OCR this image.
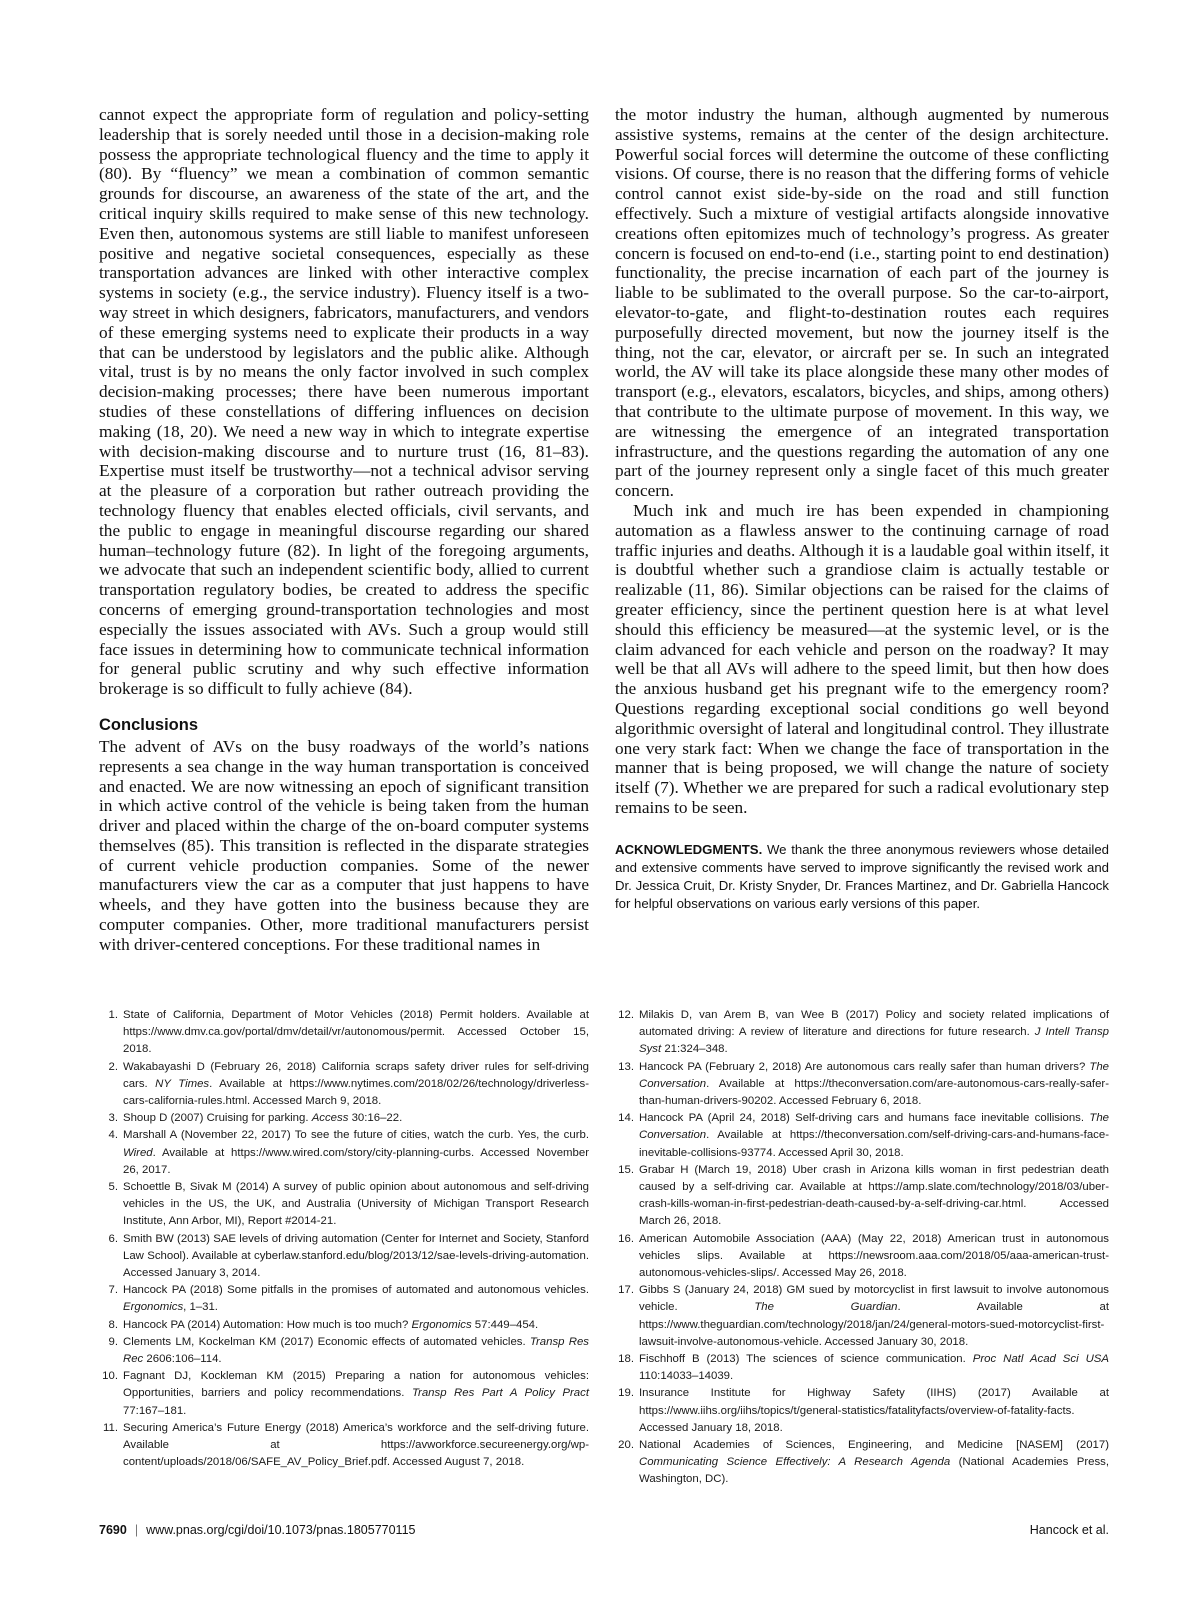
cannot expect the appropriate form of regulation and policy-setting leadership that is sorely needed until those in a decision-making role possess the appropriate technological fluency and the time to apply it (80). By “fluency” we mean a combination of common semantic grounds for discourse, an awareness of the state of the art, and the critical inquiry skills required to make sense of this new technology. Even then, autonomous systems are still liable to manifest unforeseen positive and negative societal consequences, especially as these transportation advances are linked with other interactive complex systems in society (e.g., the service industry). Fluency itself is a two-way street in which designers, fabricators, manufacturers, and vendors of these emerging systems need to explicate their products in a way that can be understood by legislators and the public alike. Although vital, trust is by no means the only factor involved in such complex decision-making processes; there have been numerous important studies of these constellations of differing influences on decision making (18, 20). We need a new way in which to integrate expertise with decision-making discourse and to nurture trust (16, 81–83). Expertise must itself be trustworthy—not a technical advisor serving at the pleasure of a corporation but rather outreach providing the technology fluency that enables elected officials, civil servants, and the public to engage in meaningful discourse regarding our shared human–technology future (82). In light of the foregoing arguments, we advocate that such an independent scientific body, allied to current transportation regulatory bodies, be created to address the specific concerns of emerging ground-transportation technologies and most especially the issues associated with AVs. Such a group would still face issues in determining how to communicate technical information for general public scrutiny and why such effective information brokerage is so difficult to fully achieve (84).

Conclusions

The advent of AVs on the busy roadways of the world’s nations represents a sea change in the way human transportation is conceived and enacted. We are now witnessing an epoch of significant transition in which active control of the vehicle is being taken from the human driver and placed within the charge of the on-board computer systems themselves (85). This transition is reflected in the disparate strategies of current vehicle production companies. Some of the newer manufacturers view the car as a computer that just happens to have wheels, and they have gotten into the business because they are computer companies. Other, more traditional manufacturers persist with driver-centered conceptions. For these traditional names in

the motor industry the human, although augmented by numerous assistive systems, remains at the center of the design architecture. Powerful social forces will determine the outcome of these conflicting visions. Of course, there is no reason that the differing forms of vehicle control cannot exist side-by-side on the road and still function effectively. Such a mixture of vestigial artifacts alongside innovative creations often epitomizes much of technology’s progress. As greater concern is focused on end-to-end (i.e., starting point to end destination) functionality, the precise incarnation of each part of the journey is liable to be sublimated to the overall purpose. So the car-to-airport, elevator-to-gate, and flight-to-destination routes each requires purposefully directed movement, but now the journey itself is the thing, not the car, elevator, or aircraft per se. In such an integrated world, the AV will take its place alongside these many other modes of transport (e.g., elevators, escalators, bicycles, and ships, among others) that contribute to the ultimate purpose of movement. In this way, we are witnessing the emergence of an integrated transportation infrastructure, and the questions regarding the automation of any one part of the journey represent only a single facet of this much greater concern.

Much ink and much ire has been expended in championing automation as a flawless answer to the continuing carnage of road traffic injuries and deaths. Although it is a laudable goal within itself, it is doubtful whether such a grandiose claim is actually testable or realizable (11, 86). Similar objections can be raised for the claims of greater efficiency, since the pertinent question here is at what level should this efficiency be measured—at the systemic level, or is the claim advanced for each vehicle and person on the roadway? It may well be that all AVs will adhere to the speed limit, but then how does the anxious husband get his pregnant wife to the emergency room? Questions regarding exceptional social conditions go well beyond algorithmic oversight of lateral and longitudinal control. They illustrate one very stark fact: When we change the face of transportation in the manner that is being proposed, we will change the nature of society itself (7). Whether we are prepared for such a radical evolutionary step remains to be seen.

ACKNOWLEDGMENTS. We thank the three anonymous reviewers whose detailed and extensive comments have served to improve significantly the revised work and Dr. Jessica Cruit, Dr. Kristy Snyder, Dr. Frances Martinez, and Dr. Gabriella Hancock for helpful observations on various early versions of this paper.
1. State of California, Department of Motor Vehicles (2018) Permit holders. Available at https://www.dmv.ca.gov/portal/dmv/detail/vr/autonomous/permit. Accessed October 15, 2018.
2. Wakabayashi D (February 26, 2018) California scraps safety driver rules for self-driving cars. NY Times. Available at https://www.nytimes.com/2018/02/26/technology/driverless-cars-california-rules.html. Accessed March 9, 2018.
3. Shoup D (2007) Cruising for parking. Access 30:16–22.
4. Marshall A (November 22, 2017) To see the future of cities, watch the curb. Yes, the curb. Wired. Available at https://www.wired.com/story/city-planning-curbs. Accessed November 26, 2017.
5. Schoettle B, Sivak M (2014) A survey of public opinion about autonomous and self-driving vehicles in the US, the UK, and Australia (University of Michigan Transport Research Institute, Ann Arbor, MI), Report #2014-21.
6. Smith BW (2013) SAE levels of driving automation (Center for Internet and Society, Stanford Law School). Available at cyberlaw.stanford.edu/blog/2013/12/sae-levels-driving-automation. Accessed January 3, 2014.
7. Hancock PA (2018) Some pitfalls in the promises of automated and autonomous vehicles. Ergonomics, 1–31.
8. Hancock PA (2014) Automation: How much is too much? Ergonomics 57:449–454.
9. Clements LM, Kockelman KM (2017) Economic effects of automated vehicles. Transp Res Rec 2606:106–114.
10. Fagnant DJ, Kockleman KM (2015) Preparing a nation for autonomous vehicles: Opportunities, barriers and policy recommendations. Transp Res Part A Policy Pract 77:167–181.
11. Securing America’s Future Energy (2018) America’s workforce and the self-driving future. Available at https://avworkforce.secureenergy.org/wp-content/uploads/2018/06/SAFE_AV_Policy_Brief.pdf. Accessed August 7, 2018.
12. Milakis D, van Arem B, van Wee B (2017) Policy and society related implications of automated driving: A review of literature and directions for future research. J Intell Transp Syst 21:324–348.
13. Hancock PA (February 2, 2018) Are autonomous cars really safer than human drivers? The Conversation. Available at https://theconversation.com/are-autonomous-cars-really-safer-than-human-drivers-90202. Accessed February 6, 2018.
14. Hancock PA (April 24, 2018) Self-driving cars and humans face inevitable collisions. The Conversation. Available at https://theconversation.com/self-driving-cars-and-humans-face-inevitable-collisions-93774. Accessed April 30, 2018.
15. Grabar H (March 19, 2018) Uber crash in Arizona kills woman in first pedestrian death caused by a self-driving car. Available at https://amp.slate.com/technology/2018/03/uber-crash-kills-woman-in-first-pedestrian-death-caused-by-a-self-driving-car.html. Accessed March 26, 2018.
16. American Automobile Association (AAA) (May 22, 2018) American trust in autonomous vehicles slips. Available at https://newsroom.aaa.com/2018/05/aaa-american-trust-autonomous-vehicles-slips/. Accessed May 26, 2018.
17. Gibbs S (January 24, 2018) GM sued by motorcyclist in first lawsuit to involve autonomous vehicle. The Guardian. Available at https://www.theguardian.com/technology/2018/jan/24/general-motors-sued-motorcyclist-first-lawsuit-involve-autonomous-vehicle. Accessed January 30, 2018.
18. Fischhoff B (2013) The sciences of science communication. Proc Natl Acad Sci USA 110:14033–14039.
19. Insurance Institute for Highway Safety (IIHS) (2017) Available at https://www.iihs.org/iihs/topics/t/general-statistics/fatalityfacts/overview-of-fatality-facts. Accessed January 18, 2018.
20. National Academies of Sciences, Engineering, and Medicine [NASEM] (2017) Communicating Science Effectively: A Research Agenda (National Academies Press, Washington, DC).
7690 | www.pnas.org/cgi/doi/10.1073/pnas.1805770115	Hancock et al.
